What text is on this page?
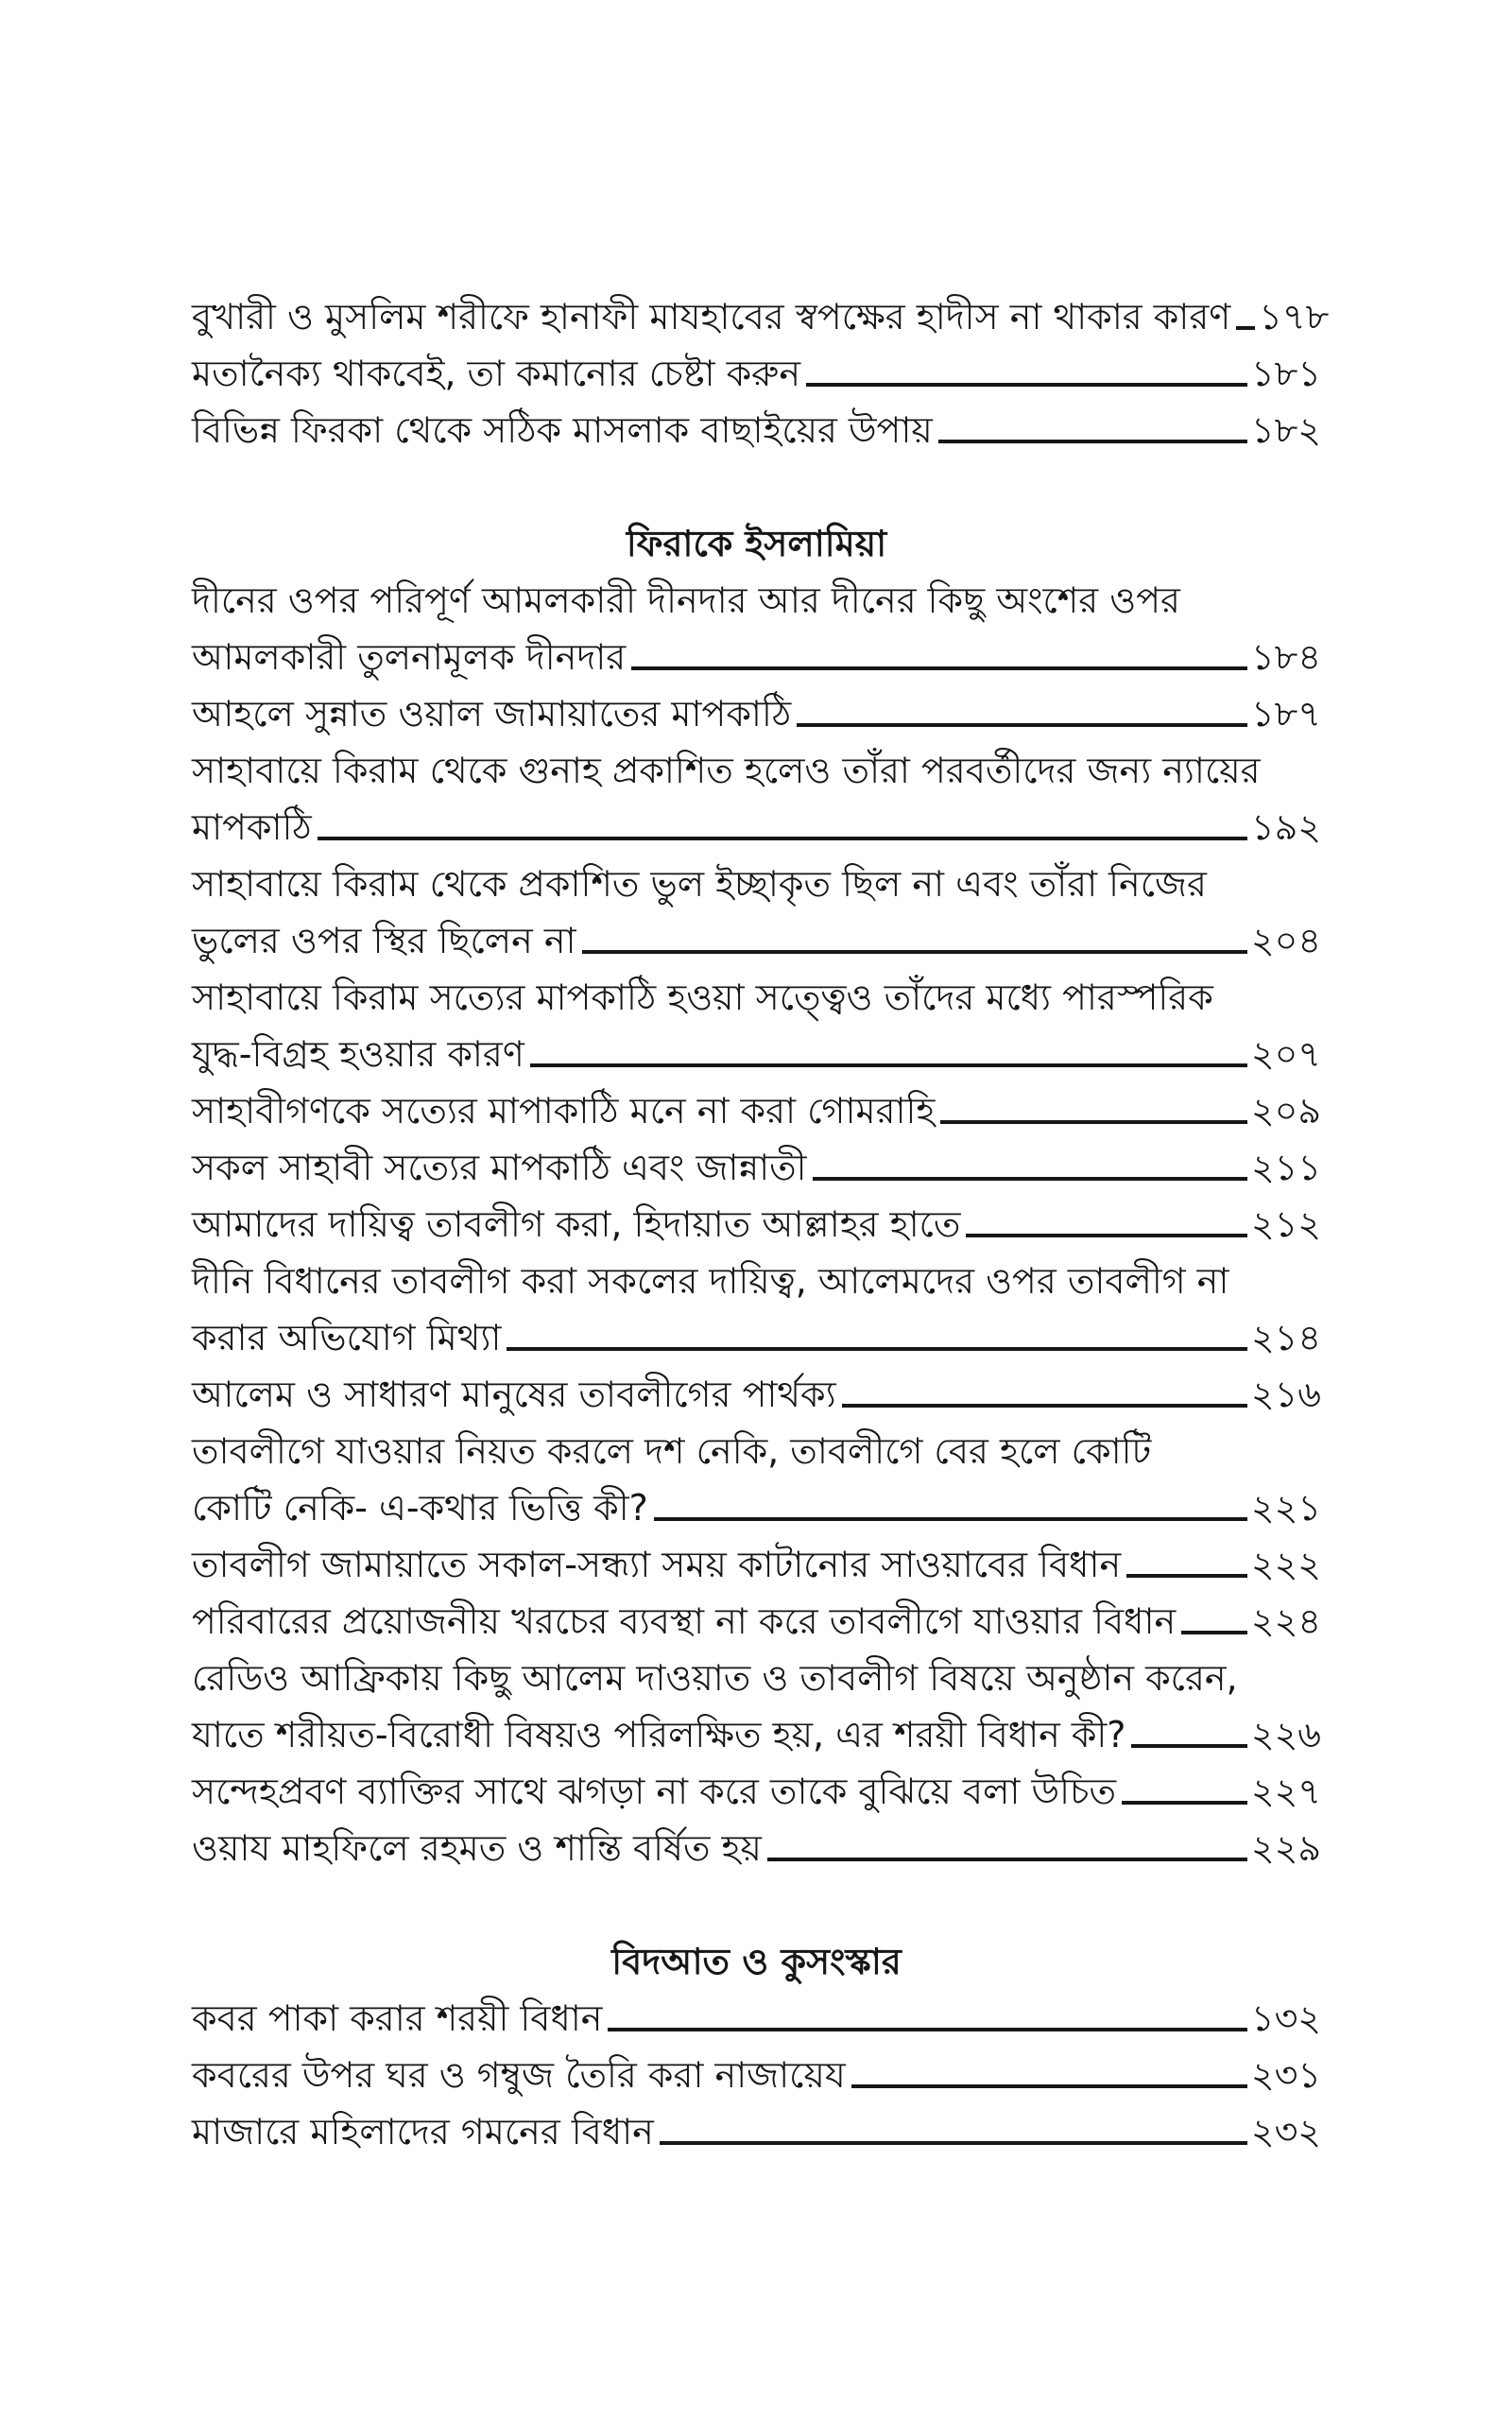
বুখারী ও মুসলিম শরীফে হানাফী মাযহাবের স্বপক্ষের হাদীস না থাকার কারণ ১৭৮
মতানৈক্য থাকবেই, তা কমানোর চেষ্টা করুন	১৮১
বিভিন্ন ফিরকা থেকে সঠিক মাসলাক বাছাইয়ের উপায়	১৮২
ফিরাকে ইসলামিয়া
দীনের ওপর পরিপূর্ণ আমলকারী দীনদার আর দীনের কিছু অংশের ওপর
আমলকারী তুলনামূলক দীনদার	১৮৪
আহলে সুন্নাত ওয়াল জামায়াতের মাপকাঠি	১৮৭
সাহাবায়ে কিরাম থেকে গুনাহ প্রকাশিত হলেও তাঁরা পরবর্তীদের জন্য ন্যায়ের
মাপকাঠি	১৯২
সাহাবায়ে কিরাম থেকে প্রকাশিত ভুল ইচ্ছাকৃত ছিল না এবং তাঁরা নিজের
ভুলের ওপর স্থির ছিলেন না	২০৪
সাহাবায়ে কিরাম সত্যের মাপকাঠি হওয়া সত্ত্বেও তাঁদের মধ্যে পারস্পরিক
যুদ্ধ-বিগ্রহ হওয়ার কারণ	২০৭
সাহাবীগণকে সত্যের মাপাকাঠি মনে না করা গোমরাহি	২০৯
সকল সাহাবী সত্যের মাপকাঠি এবং জান্নাতী	২১১
আমাদের দায়িত্ব তাবলীগ করা, হিদায়াত আল্লাহর হাতে	২১২
দীনি বিধানের তাবলীগ করা সকলের দায়িত্ব, আলেমদের ওপর তাবলীগ না
করার অভিযোগ মিথ্যা	২১৪
আলেম ও সাধারণ মানুষের তাবলীগের পার্থক্য	২১৬
তাবলীগে যাওয়ার নিয়ত করলে দশ নেকি, তাবলীগে বের হলে কোটি
কোটি নেকি- এ-কথার ভিত্তি কী?	২২১
তাবলীগ জামায়াতে সকাল-সন্ধ্যা সময় কাটানোর সাওয়াবের বিধান	২২২
পরিবারের প্রয়োজনীয় খরচের ব্যবস্থা না করে তাবলীগে যাওয়ার বিধান ২২৪
রেডিও আফ্রিকায় কিছু আলেম দাওয়াত ও তাবলীগ বিষয়ে অনুষ্ঠান করেন,
যাতে শরীয়ত-বিরোধী বিষয়ও পরিলক্ষিত হয়, এর শরয়ী বিধান কী?	২২৬
সন্দেহপ্রবণ ব্যাক্তির সাথে ঝগড়া না করে তাকে বুঝিয়ে বলা উচিত	২২৭
ওয়ায মাহফিলে রহমত ও শান্তি বর্ষিত হয়	২২৯
বিদআত ও কুসংস্কার
কবর পাকা করার শরয়ী বিধান	১৩২
কবরের উপর ঘর ও গম্বুজ তৈরি করা নাজায়েয	২৩১
মাজারে মহিলাদের গমনের বিধান	২৩২
